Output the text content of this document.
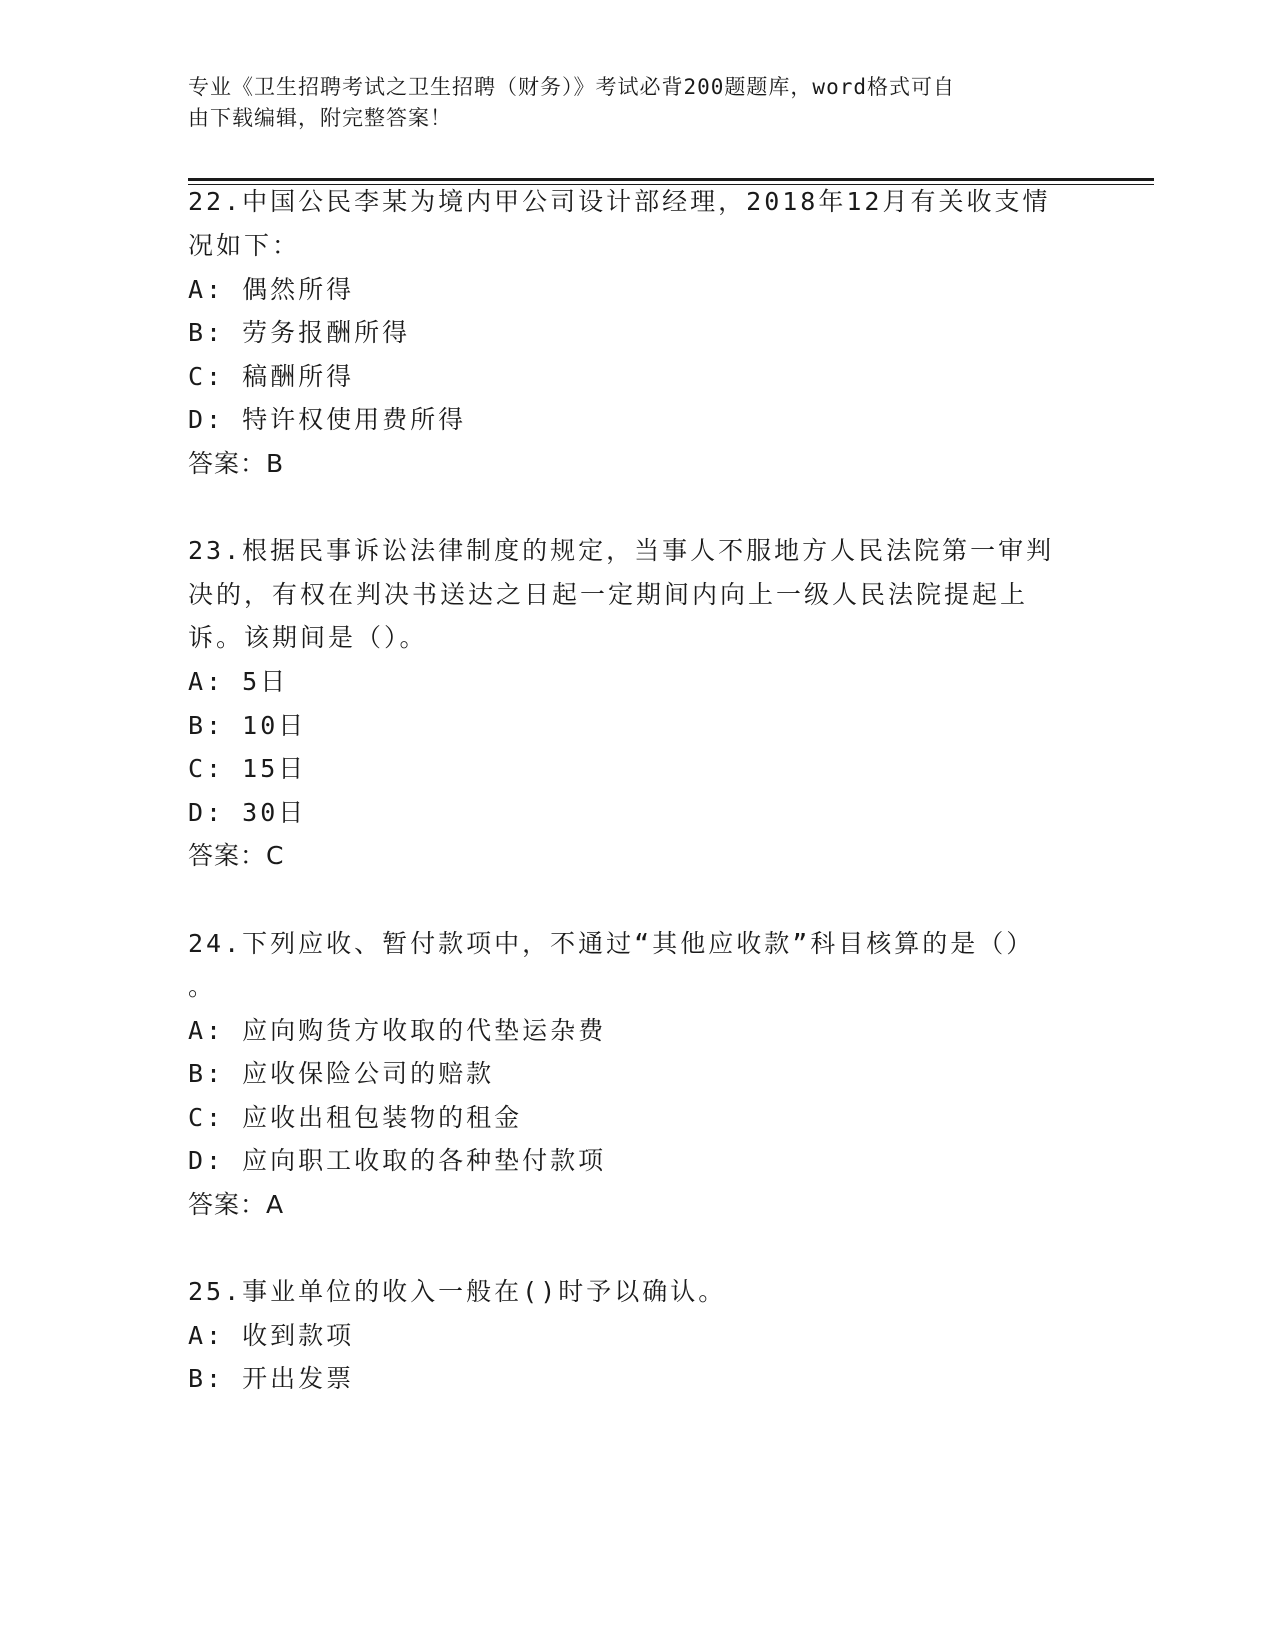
专业《卫生招聘考试之卫生招聘（财务）》考试必背200题题库，word格式可自
由下载编辑，附完整答案！
22.中国公民李某为境内甲公司设计部经理，2018年12月有关收支情
况如下：
A: 偶然所得
B: 劳务报酬所得
C: 稿酬所得
D: 特许权使用费所得
答案：B
23.根据民事诉讼法律制度的规定，当事人不服地方人民法院第一审判
决的，有权在判决书送达之日起一定期间内向上一级人民法院提起上
诉。该期间是（）。
A: 5日
B: 10日
C: 15日
D: 30日
答案：C
24.下列应收、暂付款项中，不通过“其他应收款”科目核算的是（）
。
A: 应向购货方收取的代垫运杂费
B: 应收保险公司的赔款
C: 应收出租包装物的租金
D: 应向职工收取的各种垫付款项
答案：A
25.事业单位的收入一般在()时予以确认。
A: 收到款项
B: 开出发票
